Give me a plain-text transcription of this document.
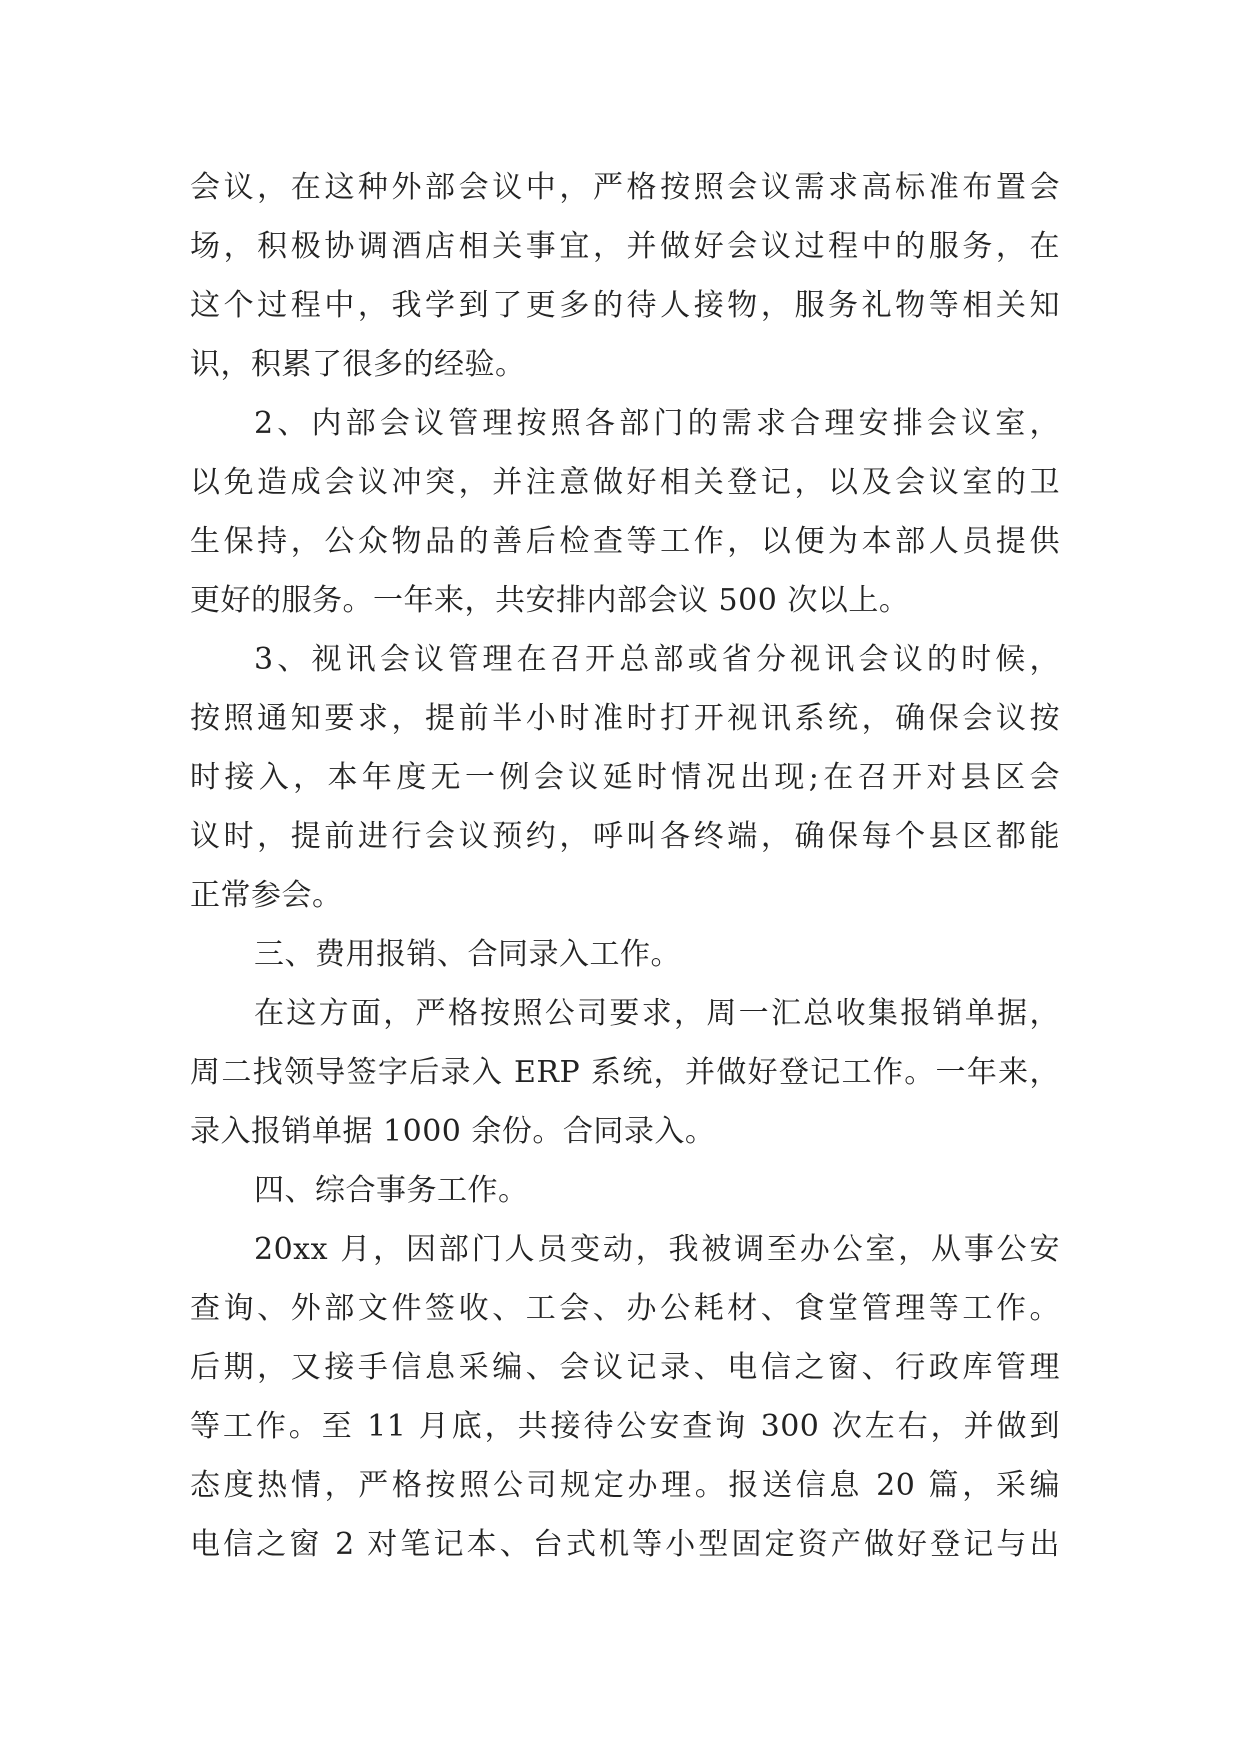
会议，在这种外部会议中，严格按照会议需求高标准布置会
场，积极协调酒店相关事宜，并做好会议过程中的服务，在
这个过程中，我学到了更多的待人接物，服务礼物等相关知
识，积累了很多的经验。
2、内部会议管理按照各部门的需求合理安排会议室，
以免造成会议冲突，并注意做好相关登记，以及会议室的卫
生保持，公众物品的善后检查等工作，以便为本部人员提供
更好的服务。一年来，共安排内部会议 500 次以上。
3、视讯会议管理在召开总部或省分视讯会议的时候，
按照通知要求，提前半小时准时打开视讯系统，确保会议按
时接入，本年度无一例会议延时情况出现;在召开对县区会
议时，提前进行会议预约，呼叫各终端，确保每个县区都能
正常参会。
三、费用报销、合同录入工作。
在这方面，严格按照公司要求，周一汇总收集报销单据，
周二找领导签字后录入 ERP 系统，并做好登记工作。一年来，
录入报销单据 1000 余份。合同录入。
四、综合事务工作。
20xx 月，因部门人员变动，我被调至办公室，从事公安
查询、外部文件签收、工会、办公耗材、食堂管理等工作。
后期，又接手信息采编、会议记录、电信之窗、行政库管理
等工作。至 11 月底，共接待公安查询 300 次左右，并做到
态度热情，严格按照公司规定办理。报送信息 20 篇，采编
电信之窗 2 对笔记本、台式机等小型固定资产做好登记与出
